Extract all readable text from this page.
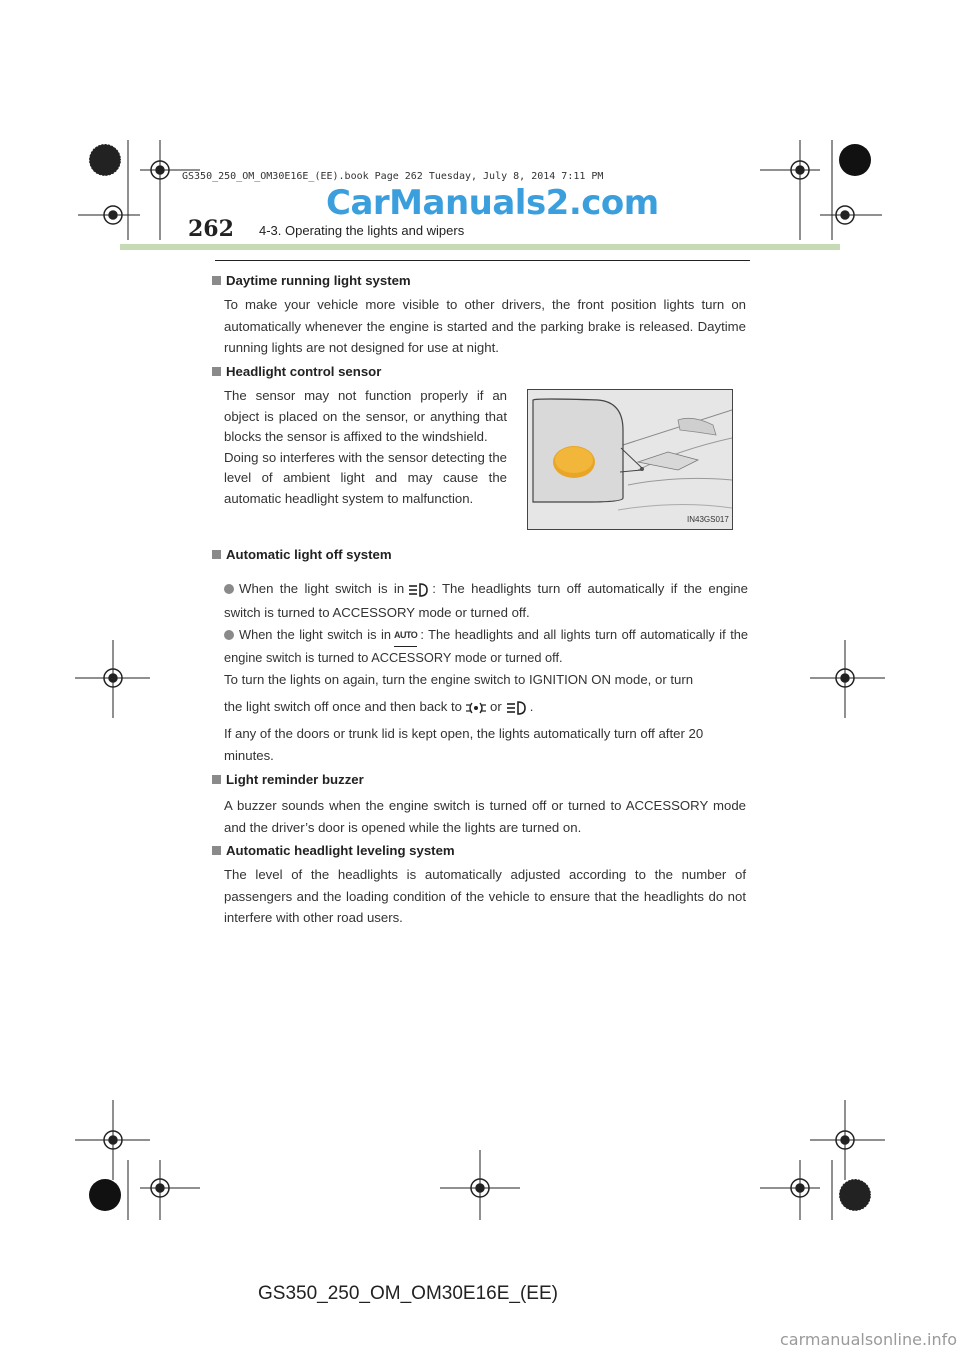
GS350_250_OM_OM30E16E_(EE).book Page 262 Tuesday, July 8, 2014 7:11 PM
CarManuals2.com
262 4-3. Operating the lights and wipers
Daytime running light system
To make your vehicle more visible to other drivers, the front position lights turn on automatically whenever the engine is started and the parking brake is released. Daytime running lights are not designed for use at night.
Headlight control sensor
The sensor may not function properly if an object is placed on the sensor, or anything that blocks the sensor is affixed to the windshield.
Doing so interferes with the sensor detecting the level of ambient light and may cause the automatic headlight system to malfunction.
IN43GS017
Automatic light off system
When the light switch is in : The headlights turn off automatically if the engine switch is turned to ACCESSORY mode or turned off.
When the light switch is in AUTO : The headlights and all lights turn off automatically if the engine switch is turned to ACCESSORY mode or turned off.
To turn the lights on again, turn the engine switch to IGNITION ON mode, or turn
the light switch off once and then back to or .
If any of the doors or trunk lid is kept open, the lights automatically turn off after 20 minutes.
Light reminder buzzer
A buzzer sounds when the engine switch is turned off or turned to ACCESSORY mode and the driver’s door is opened while the lights are turned on.
Automatic headlight leveling system
The level of the headlights is automatically adjusted according to the number of passengers and the loading condition of the vehicle to ensure that the headlights do not interfere with other road users.
GS350_250_OM_OM30E16E_(EE)
carmanualsonline.info
